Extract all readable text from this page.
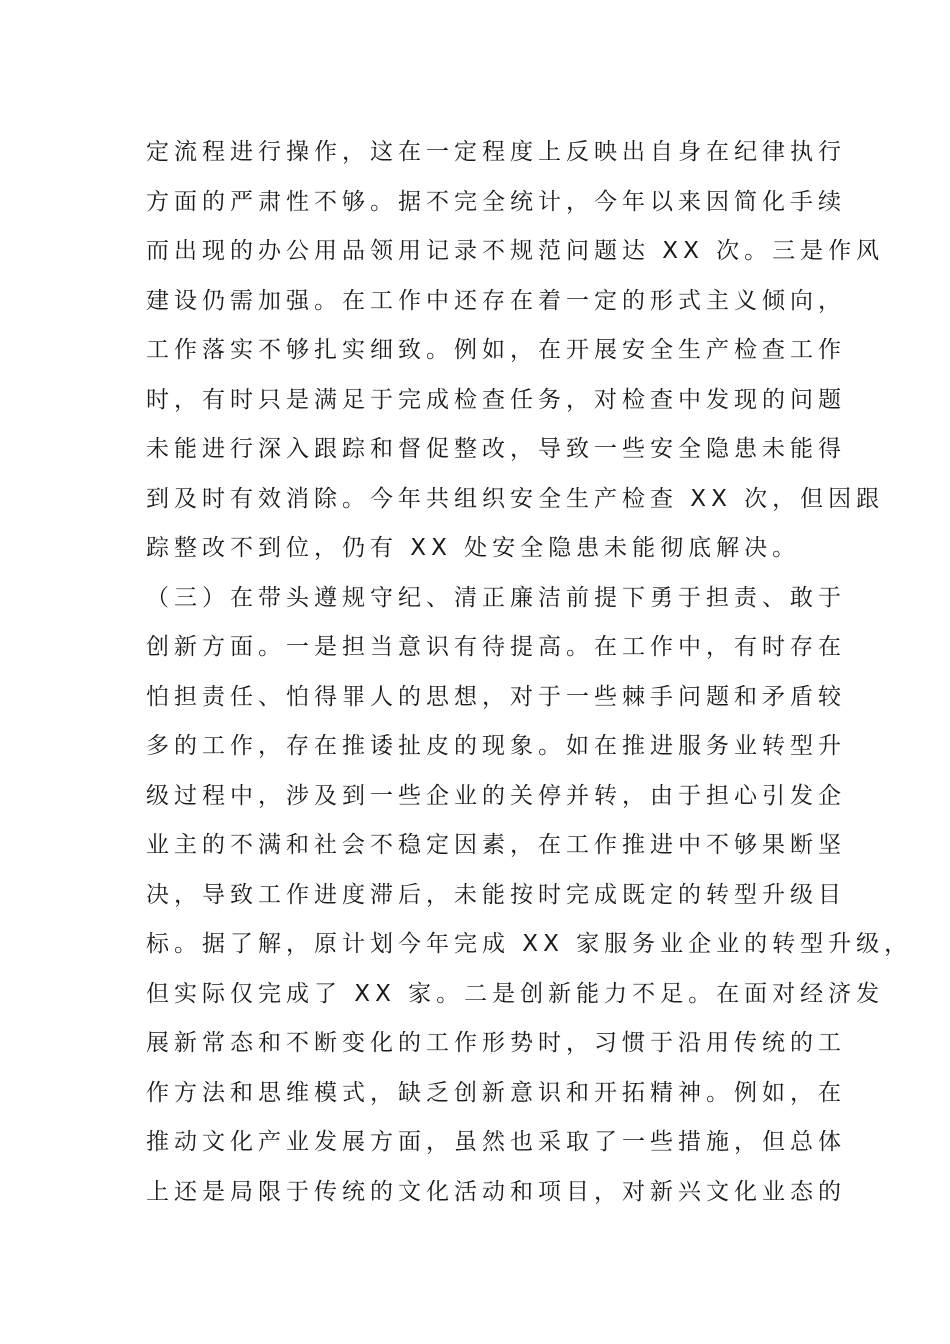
定流程进行操作，这在一定程度上反映出自身在纪律执行
方面的严肃性不够。据不完全统计，今年以来因简化手续
而出现的办公用品领用记录不规范问题达 XX 次。三是作风
建设仍需加强。在工作中还存在着一定的形式主义倾向，
工作落实不够扎实细致。例如，在开展安全生产检查工作
时，有时只是满足于完成检查任务，对检查中发现的问题
未能进行深入跟踪和督促整改，导致一些安全隐患未能得
到及时有效消除。今年共组织安全生产检查 XX 次，但因跟
踪整改不到位，仍有 XX 处安全隐患未能彻底解决。
（三）在带头遵规守纪、清正廉洁前提下勇于担责、敢于
创新方面。一是担当意识有待提高。在工作中，有时存在
怕担责任、怕得罪人的思想，对于一些棘手问题和矛盾较
多的工作，存在推诿扯皮的现象。如在推进服务业转型升
级过程中，涉及到一些企业的关停并转，由于担心引发企
业主的不满和社会不稳定因素，在工作推进中不够果断坚
决，导致工作进度滞后，未能按时完成既定的转型升级目
标。据了解，原计划今年完成 XX 家服务业企业的转型升级，
但实际仅完成了 XX 家。二是创新能力不足。在面对经济发
展新常态和不断变化的工作形势时，习惯于沿用传统的工
作方法和思维模式，缺乏创新意识和开拓精神。例如，在
推动文化产业发展方面，虽然也采取了一些措施，但总体
上还是局限于传统的文化活动和项目，对新兴文化业态的
